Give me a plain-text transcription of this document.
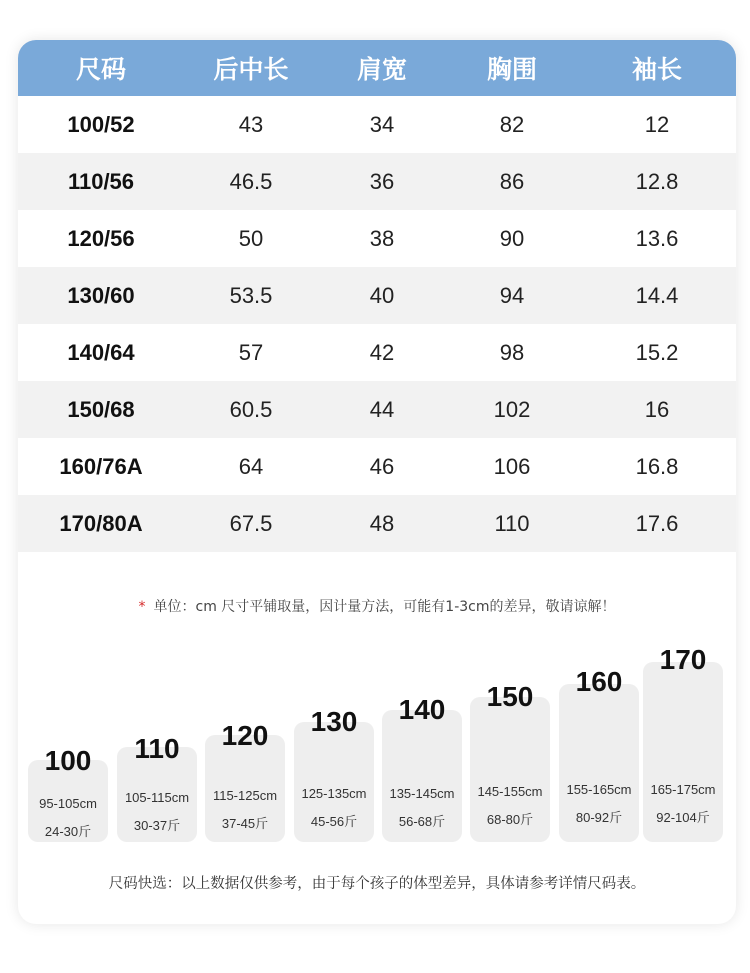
尺码	后中长	肩宽	胸围	袖长
100/52	43	34	82	12
110/56	46.5	36	86	12.8
120/56	50	38	90	13.6
130/60	53.5	40	94	14.4
140/64	57	42	98	15.2
150/68	60.5	44	102	16
160/76A	64	46	106	16.8
170/80A	67.5	48	110	17.6
* 单位：cm 尺寸平铺取量，因计量方法，可能有1-3cm的差异，敬请谅解！
100
95-105cm
24-30斤
110
105-115cm
30-37斤
120
115-125cm
37-45斤
130
125-135cm
45-56斤
140
135-145cm
56-68斤
150
145-155cm
68-80斤
160
155-165cm
80-92斤
170
165-175cm
92-104斤
尺码快选：以上数据仅供参考，由于每个孩子的体型差异，具体请参考详情尺码表。
